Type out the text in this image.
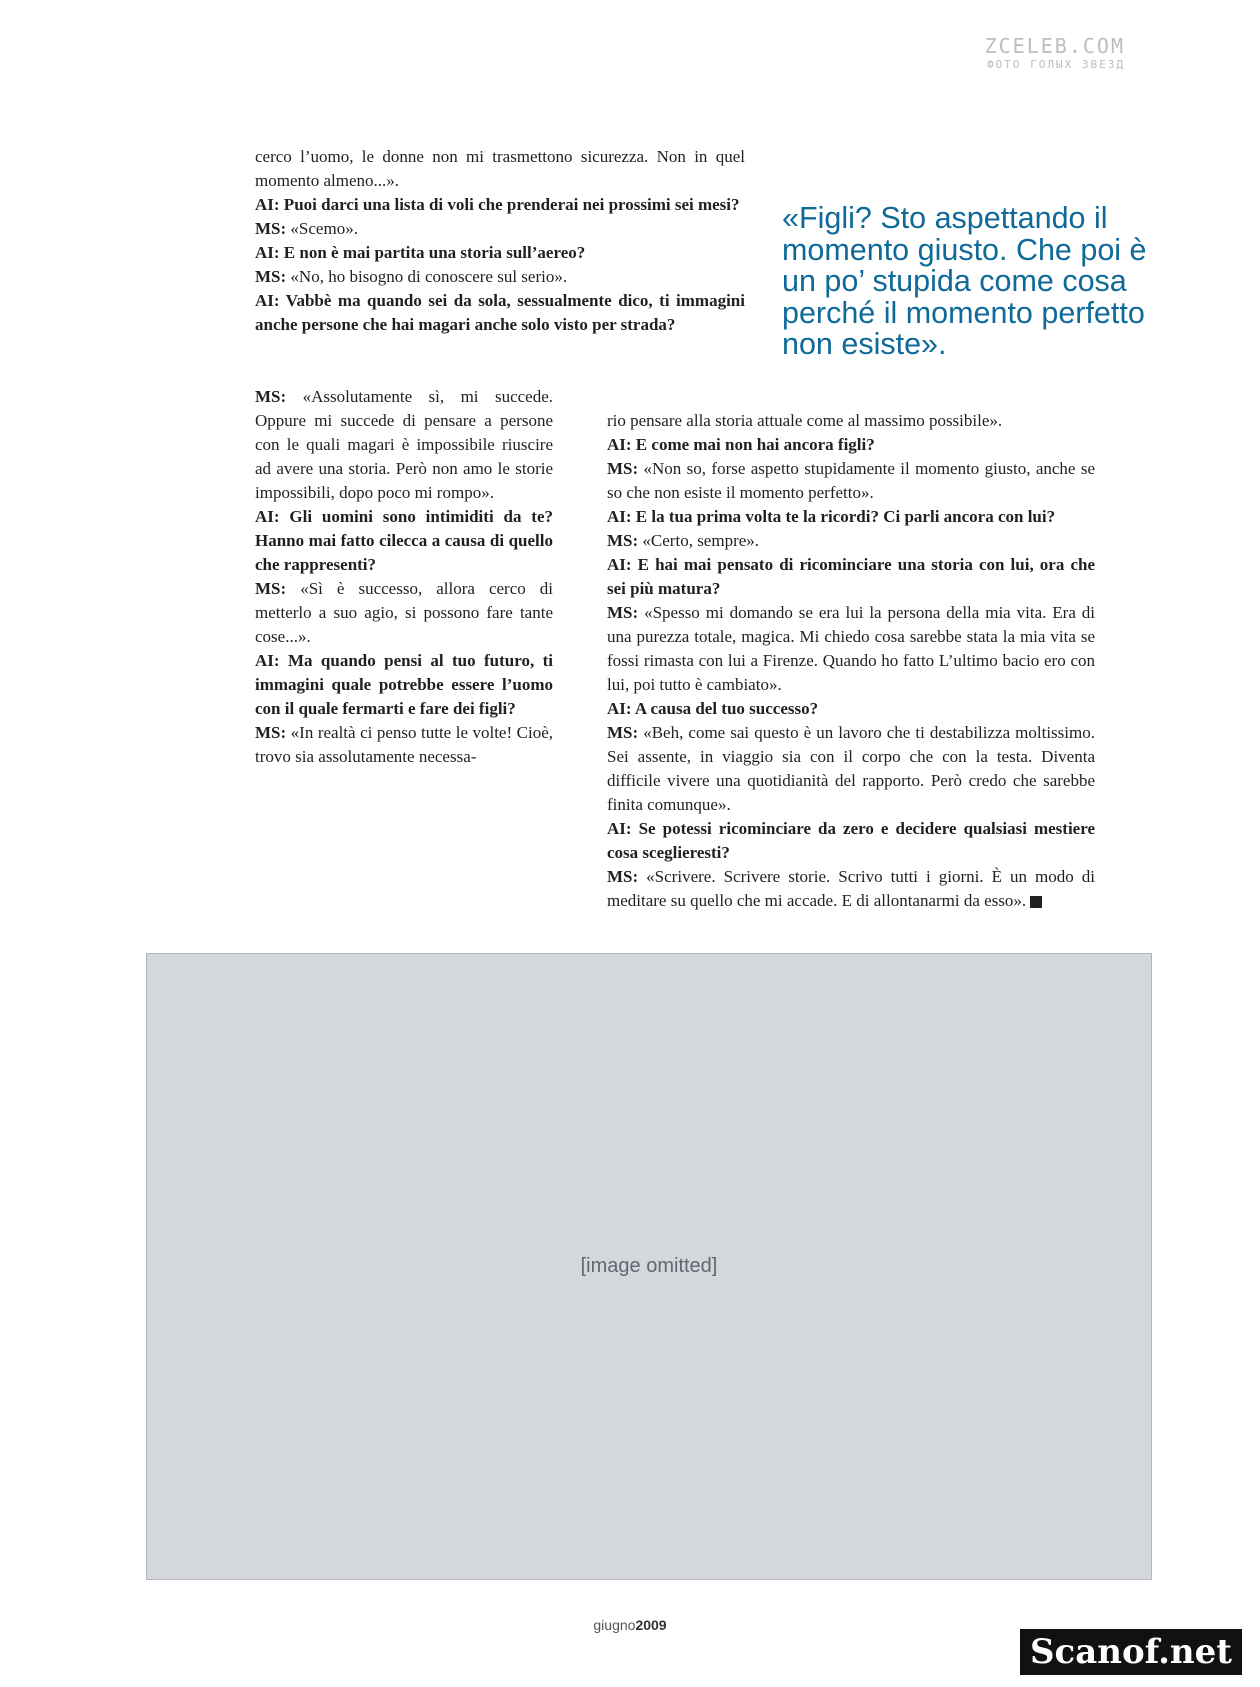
ZCELEB.COM
ФОТО ГОЛЫХ ЗВЕЗД

cerco l’uomo, le donne non mi trasmettono sicurezza. Non in quel momento almeno...».

AI: Puoi darci una lista di voli che prenderai nei prossimi sei mesi?

MS: «Scemo».

AI: E non è mai partita una storia sull’aereo?

MS: «No, ho bisogno di conoscere sul serio».

AI: Vabbè ma quando sei da sola, sessualmente dico, ti immagini anche persone che hai magari anche solo visto per strada?

MS: «Assolutamente sì, mi succede. Oppure mi succede di pensare a persone con le quali magari è impossibile riuscire ad avere una storia. Però non amo le storie impossibili, dopo poco mi rompo».

AI: Gli uomini sono intimiditi da te? Hanno mai fatto cilecca a causa di quello che rappresenti?

MS: «Sì è successo, allora cerco di metterlo a suo agio, si possono fare tante cose...».

AI: Ma quando pensi al tuo futuro, ti immagini quale potrebbe essere l’uomo con il quale fermarti e fare dei figli?

MS: «In realtà ci penso tutte le volte! Cioè, trovo sia assolutamente necessa-

rio pensare alla storia attuale come al massimo possibile».

AI: E come mai non hai ancora figli?

MS: «Non so, forse aspetto stupidamente il momento giusto, anche se so che non esiste il momento perfetto».

AI: E la tua prima volta te la ricordi? Ci parli ancora con lui?

MS: «Certo, sempre».

AI: E hai mai pensato di ricominciare una storia con lui, ora che sei più matura?

MS: «Spesso mi domando se era lui la persona della mia vita. Era di una purezza totale, magica. Mi chiedo cosa sarebbe stata la mia vita se fossi rimasta con lui a Firenze. Quando ho fatto L’ultimo bacio ero con lui, poi tutto è cambiato».

AI: A causa del tuo successo?

MS: «Beh, come sai questo è un lavoro che ti destabilizza moltissimo. Sei assente, in viaggio sia con il corpo che con la testa. Diventa difficile vivere una quotidianità del rapporto. Però credo che sarebbe finita comunque».

AI: Se potessi ricominciare da zero e decidere qualsiasi mestiere cosa sceglieresti?

MS: «Scrivere. Scrivere storie. Scrivo tutti i giorni. È un modo di meditare su quello che mi accade. E di allontanarmi da esso».

«Figli? Sto aspettando il momento giusto. Che poi è un po’ stupida come cosa perché il momento perfetto non esiste».
[image omitted]
giugno2009
Scanof.net
